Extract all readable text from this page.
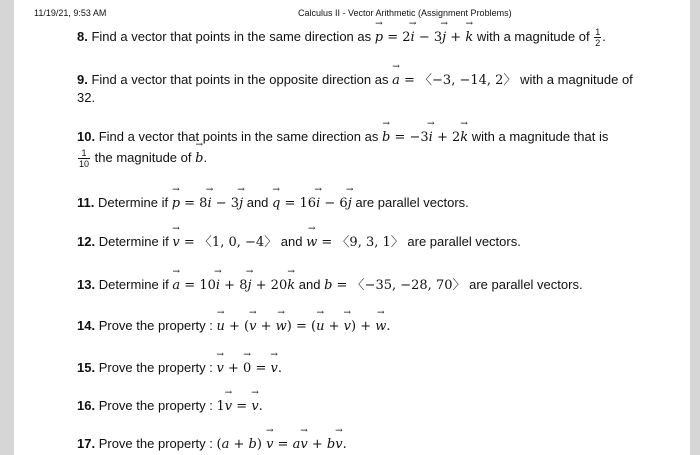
11/19/21, 9:53 AM	Calculus II - Vector Arithmetic (Assignment Problems)
8. Find a vector that points in the same direction as → p = 2→ i − 3→ j + → k with a magnitude of $\frac{1}{2}$ .
9. Find a vector that points in the opposite direction as → a = 〈−3, −14, 2〉 with a magnitude of
32.
10. Find a vector that points in the same direction as → b = −3→ i + 2→ k with a magnitude that is
$\frac{1}{10}$ the magnitude of → b.
11. Determine if → p = 8→ i − 3→ j and → q = 16→ i − 6→ j are parallel vectors.
12. Determine if → v = 〈1, 0, −4〉 and → w = 〈9, 3, 1〉 are parallel vectors.
13. Determine if → a = 10→ i + 8→ j + 20→ k and b = 〈−35, −28, 70〉 are parallel vectors.
14. Prove the property : → u + (→ v + → w) = (→ u + → v) + → w.
15. Prove the property : → v + → 0 = → v.
16. Prove the property : 1→ v = → v.
17. Prove the property : (a + b) → v = a→ v + b→ v.
